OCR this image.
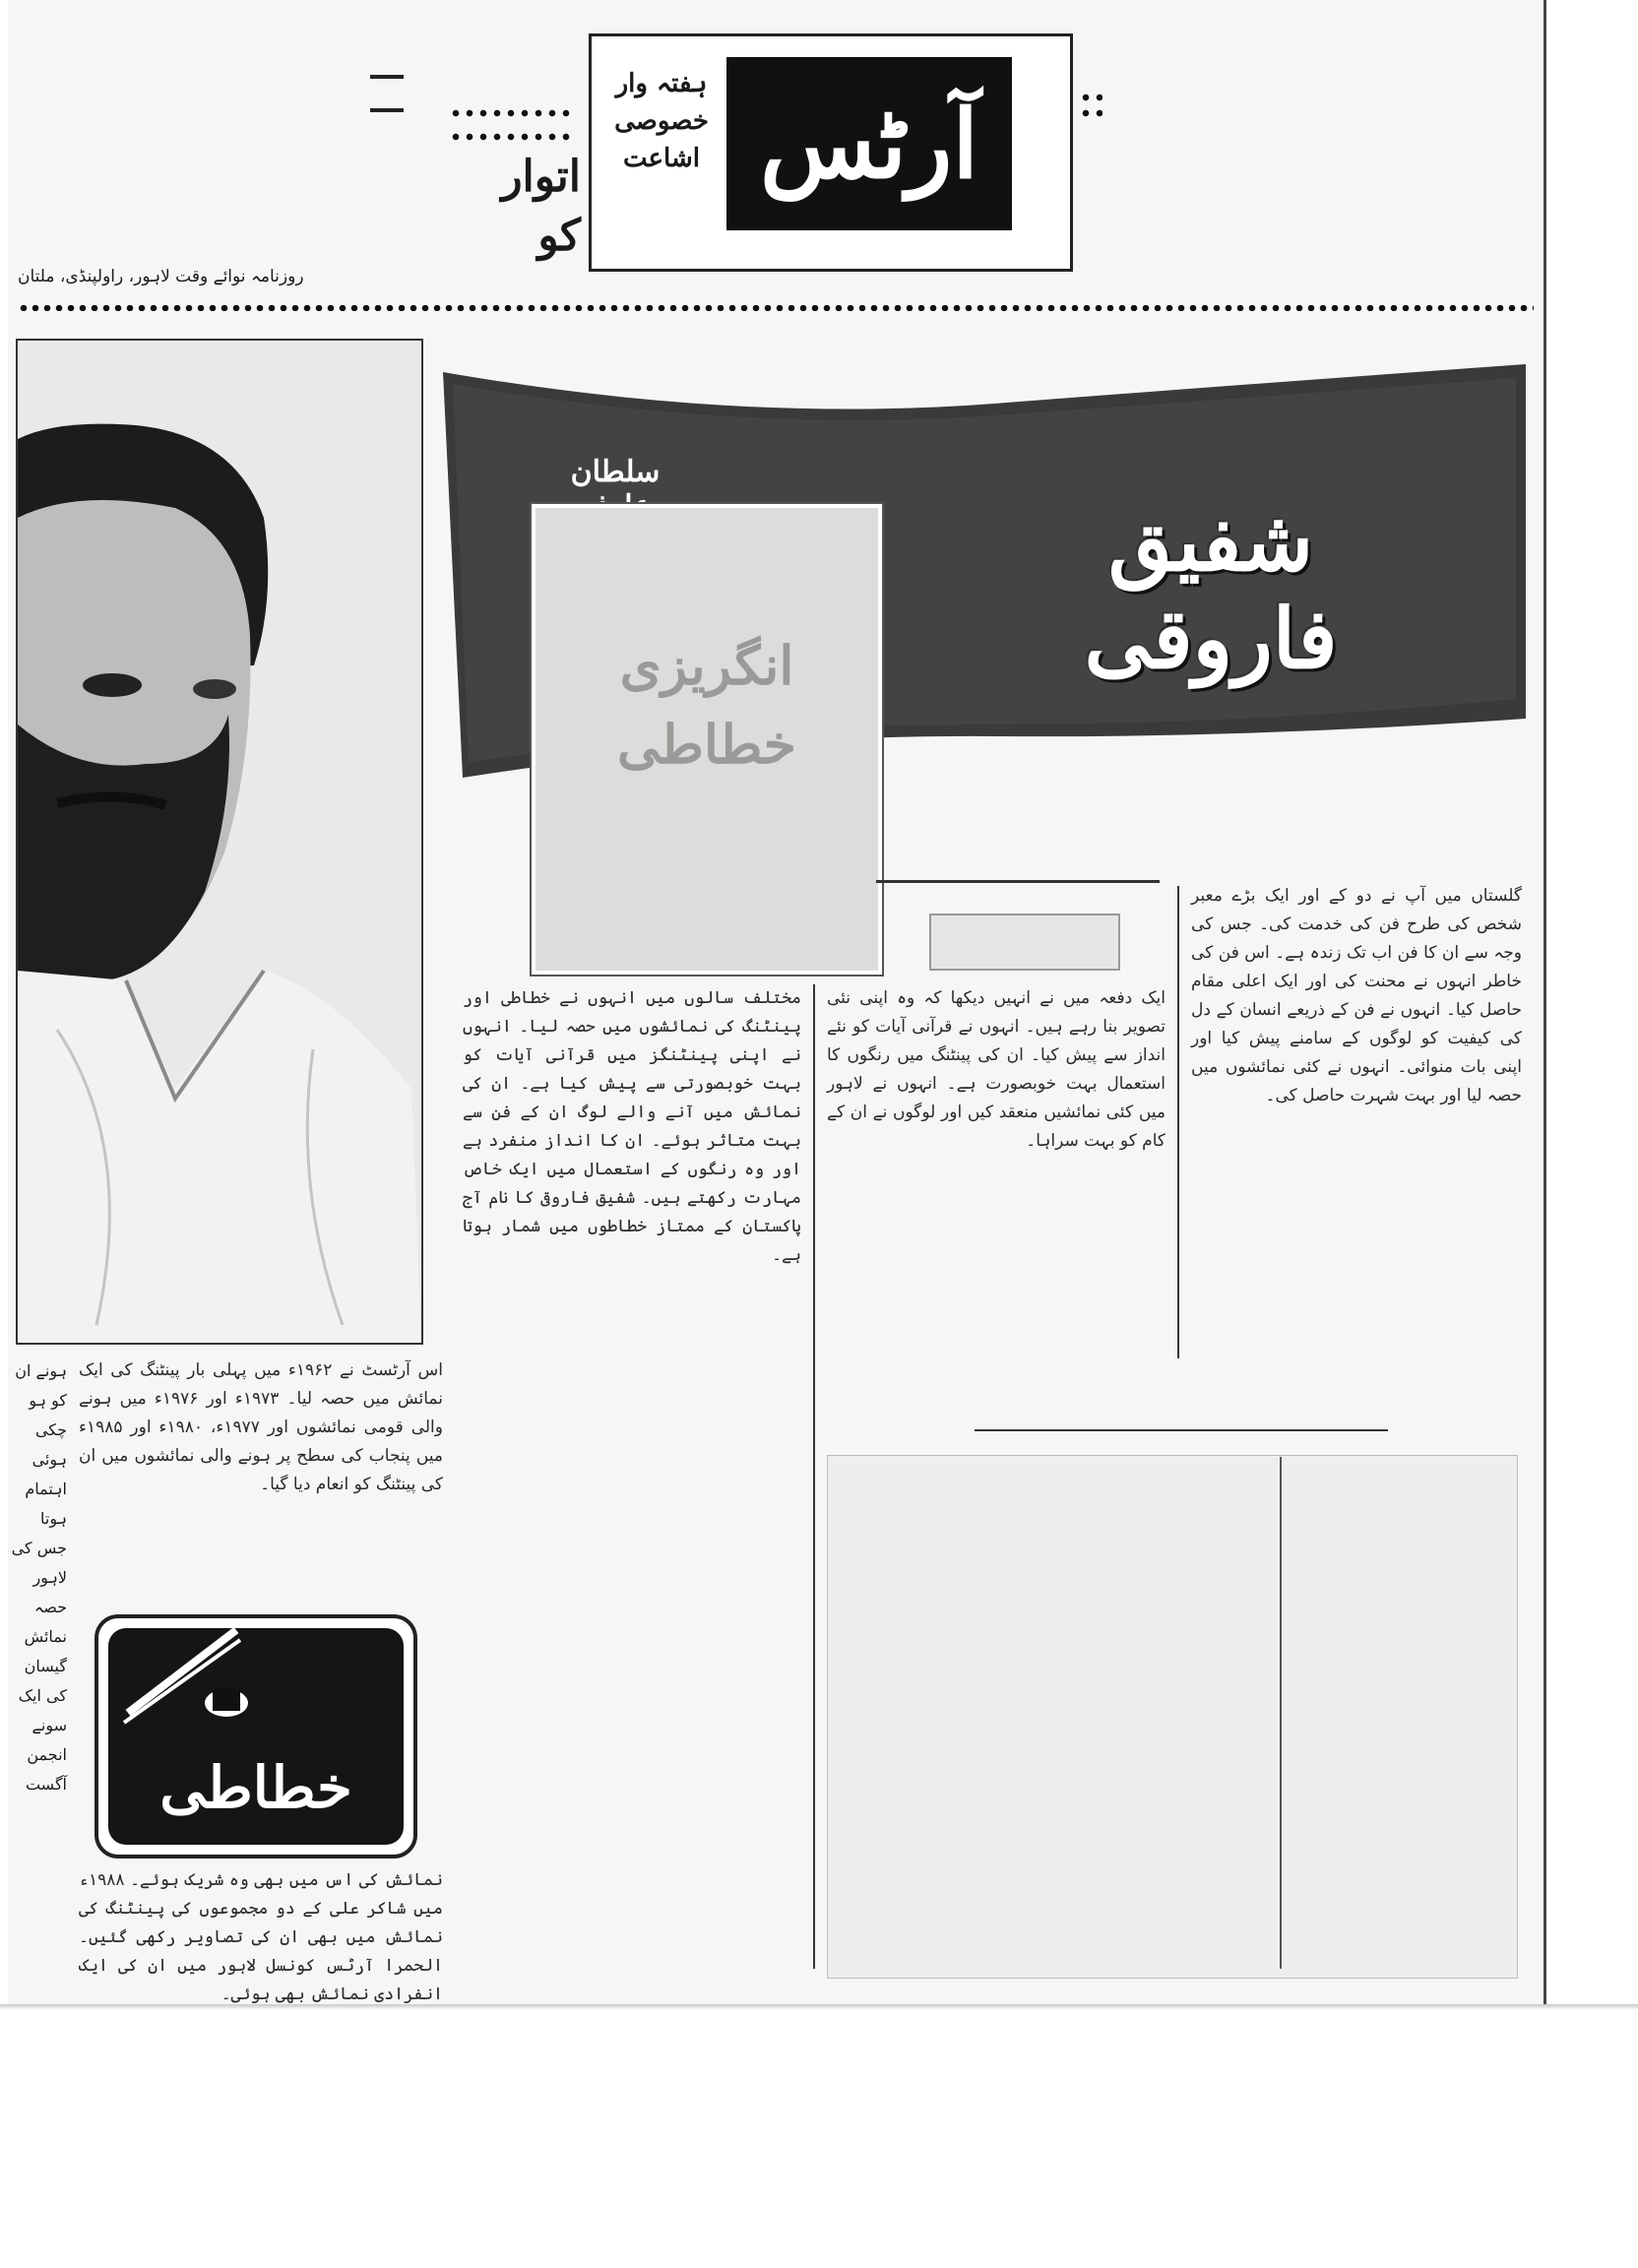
آرٹس
ہفتہ وار
خصوصی
اشاعت
اتوار
کو
روزنامہ نوائے وقت لاہور، راولپنڈی، ملتان
سلطان
شفیق فاروقی
انگریزی خطاطی

گلستاں میں آپ نے دو کے اور ایک بڑے معبر شخص کی طرح فن کی خدمت کی۔ جس کی وجہ سے ان کا فن اب تک زندہ ہے۔ اس فن کی خاطر انہوں نے محنت کی اور ایک اعلی مقام حاصل کیا۔ انہوں نے فن کے ذریعے انسان کے دل کی کیفیت کو لوگوں کے سامنے پیش کیا اور اپنی بات منوائی۔ انہوں نے کئی نمائشوں میں حصہ لیا اور بہت شہرت حاصل کی۔

ایک دفعہ میں نے انہیں دیکھا کہ وہ اپنی نئی تصویر بنا رہے ہیں۔ انہوں نے قرآنی آیات کو نئے انداز سے پیش کیا۔ ان کی پینٹنگ میں رنگوں کا استعمال بہت خوبصورت ہے۔ انہوں نے لاہور میں کئی نمائشیں منعقد کیں اور لوگوں نے ان کے کام کو بہت سراہا۔

مختلف سالوں میں انہوں نے خطاطی اور پینٹنگ کی نمائشوں میں حصہ لیا۔ انہوں نے اپنی پینٹنگز میں قرآنی آیات کو بہت خوبصورتی سے پیش کیا ہے۔ ان کی نمائش میں آنے والے لوگ ان کے فن سے بہت متاثر ہوئے۔ ان کا انداز منفرد ہے اور وہ رنگوں کے استعمال میں ایک خاص مہارت رکھتے ہیں۔ شفیق فاروقی کا نام آج پاکستان کے ممتاز خطاطوں میں شمار ہوتا ہے۔

اس آرٹسٹ نے ۱۹۶۲ء میں پہلی بار پینٹنگ کی ایک نمائش میں حصہ لیا۔ ۱۹۷۳ء اور ۱۹۷۶ء میں ہونے والی قومی نمائشوں اور ۱۹۷۷ء، ۱۹۸۰ء اور ۱۹۸۵ء میں پنجاب کی سطح پر ہونے والی نمائشوں میں ان کی پینٹنگ کو انعام دیا گیا۔

ہونے ان کو ہو چکی ہوئی اہتمام ہوتا جس کی لاہور حصہ نمائش گیسان کی ایک سونے انجمن آگست	خطاطی

نمائش کی اس میں بھی وہ شریک ہوئے۔ ۱۹۸۸ء میں شاکر علی کے دو مجموعوں کی پینٹنگ کی نمائش میں بھی ان کی تصاویر رکھی گئیں۔ الحمرا آرٹس کونسل لاہور میں ان کی ایک انفرادی نمائش بھی ہوئی۔
